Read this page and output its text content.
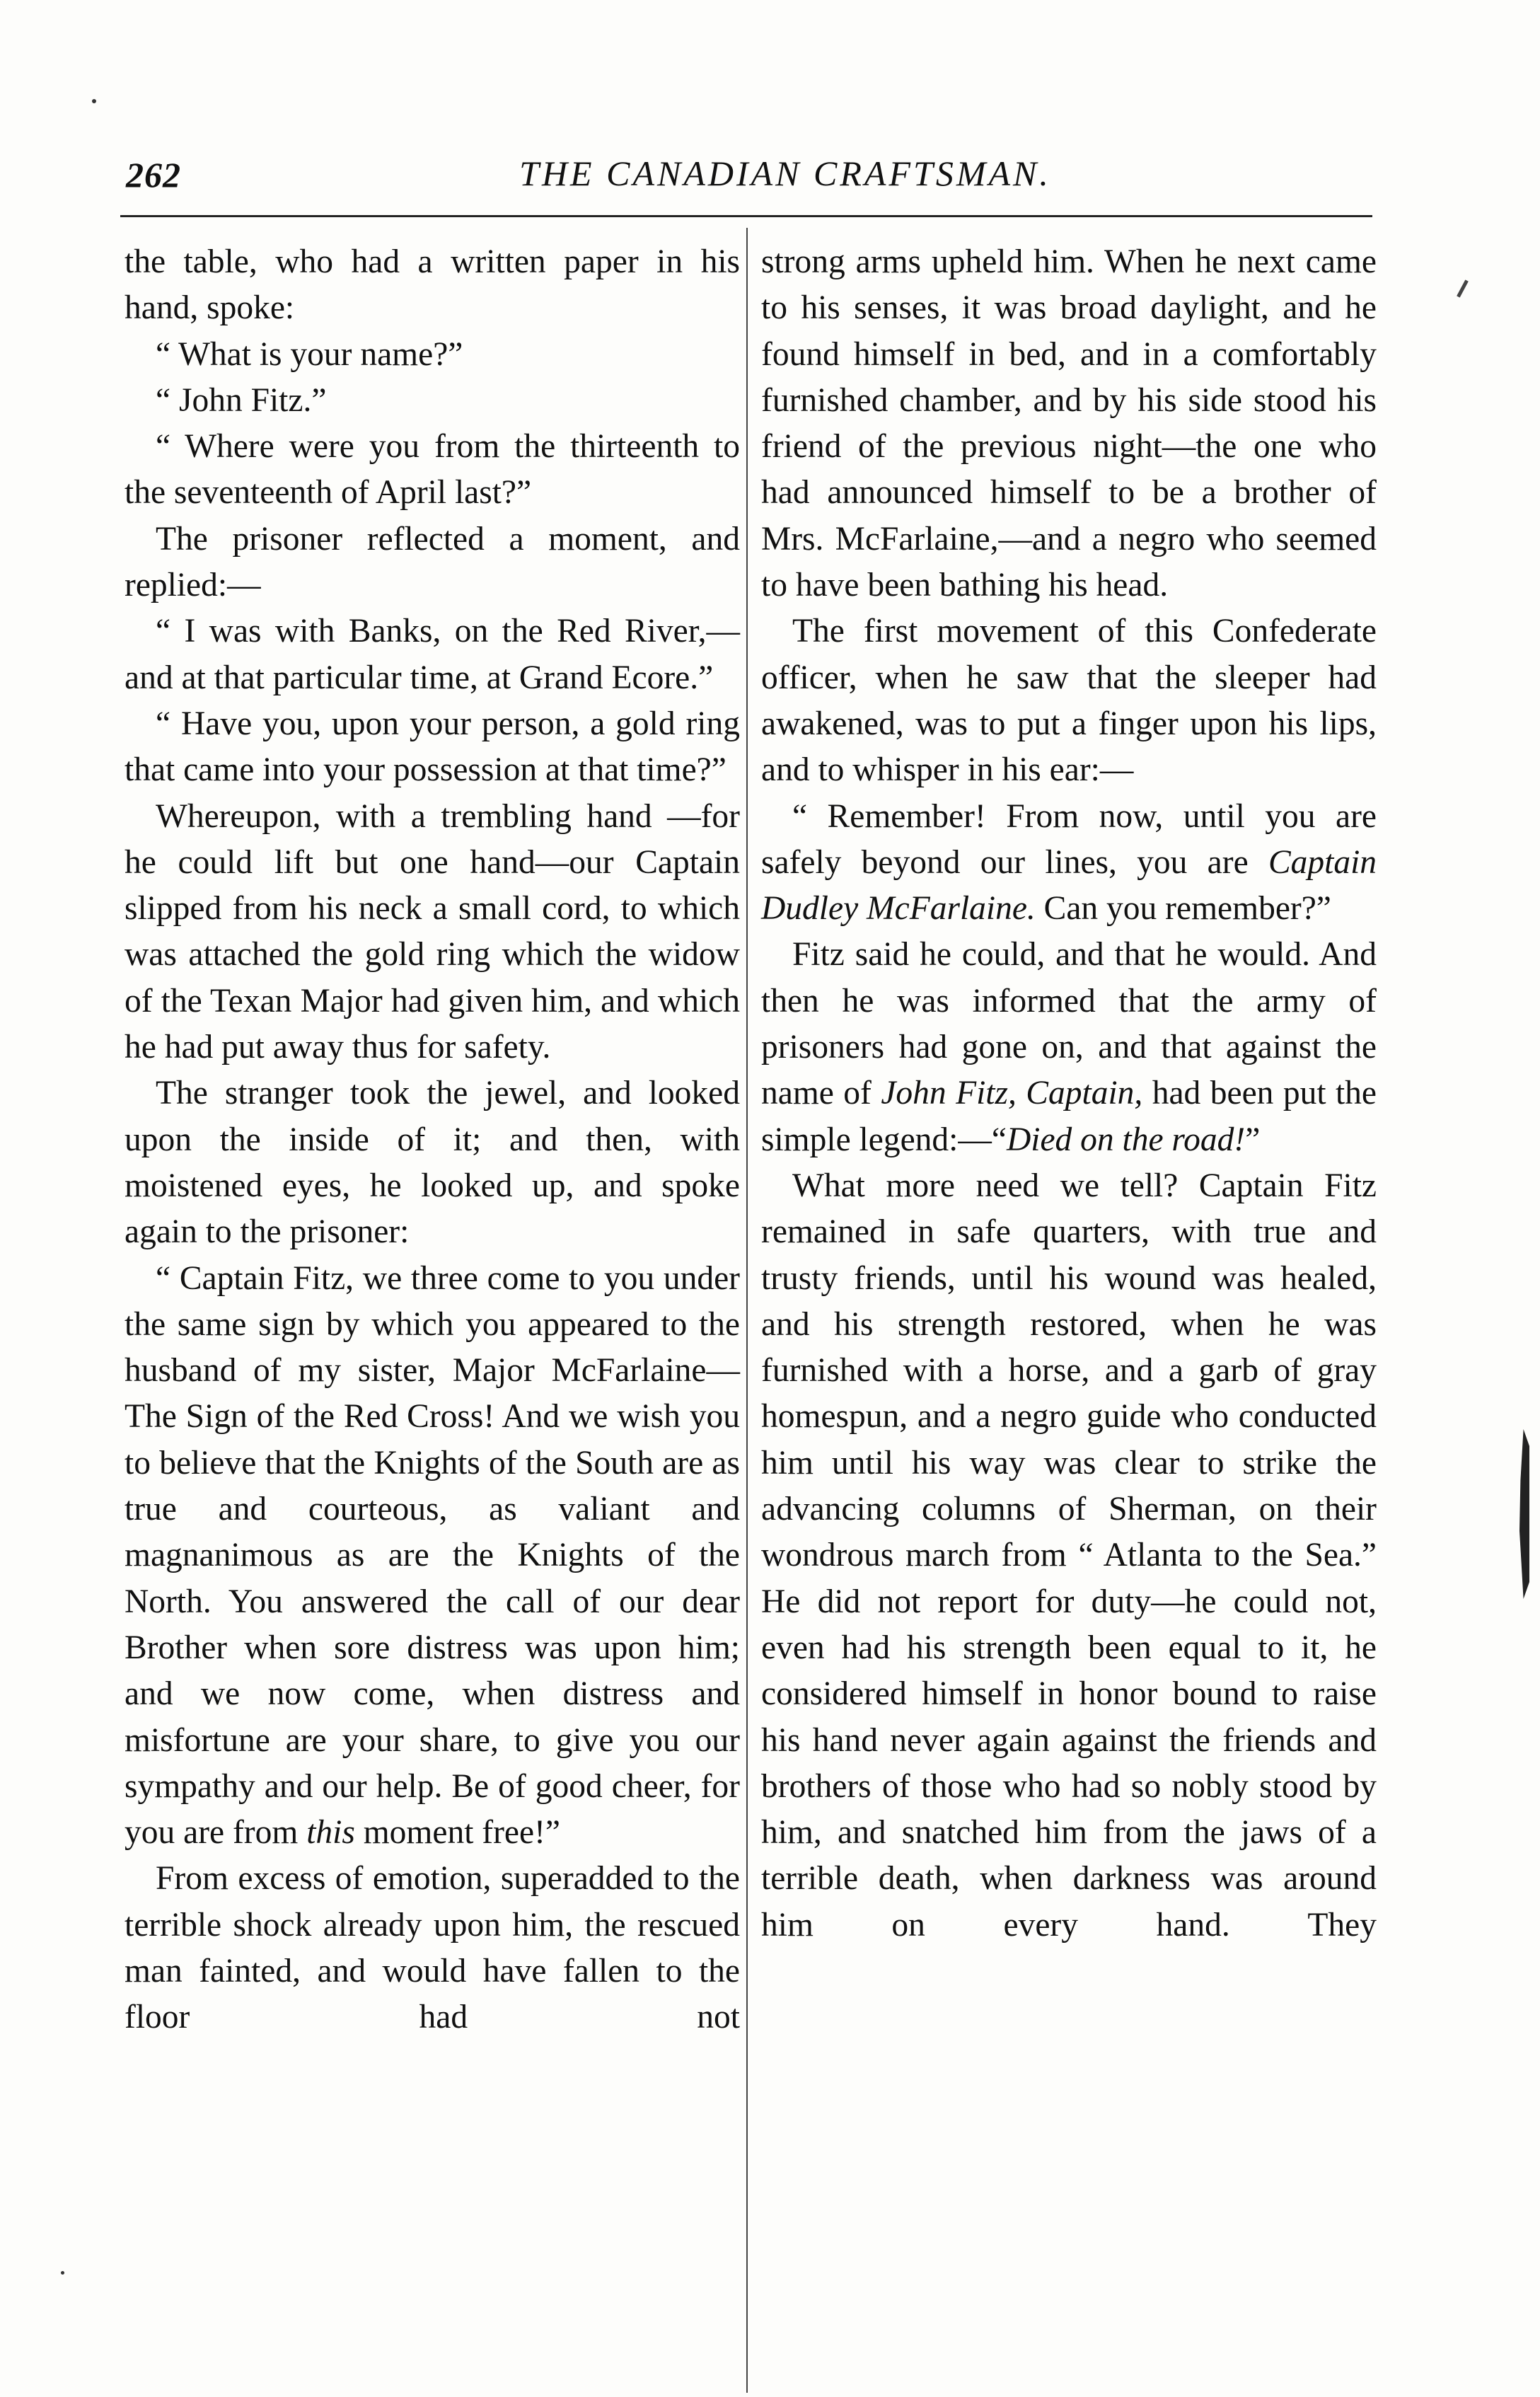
262	THE CANADIAN CRAFTSMAN.

the table, who had a written paper in his hand, spoke:

“ What is your name?”

“ John Fitz.”

“ Where were you from the thirteenth to the seventeenth of April last?”

The prisoner reflected a moment, and replied:—

“ I was with Banks, on the Red River,—and at that particular time, at Grand Ecore.”

“ Have you, upon your person, a gold ring that came into your possession at that time?”

Whereupon, with a trembling hand —for he could lift but one hand—our Captain slipped from his neck a small cord, to which was attached the gold ring which the widow of the Texan Major had given him, and which he had put away thus for safety.

The stranger took the jewel, and looked upon the inside of it; and then, with moistened eyes, he looked up, and spoke again to the prisoner:

“ Captain Fitz, we three come to you under the same sign by which you appeared to the husband of my sister, Major McFarlaine—The Sign of the Red Cross! And we wish you to believe that the Knights of the South are as true and courteous, as valiant and magnanimous as are the Knights of the North. You answered the call of our dear Brother when sore distress was upon him; and we now come, when distress and misfortune are your share, to give you our sympathy and our help. Be of good cheer, for you are from this moment free!”

From excess of emotion, superadded to the terrible shock already upon him, the rescued man fainted, and would have fallen to the floor had not

strong arms upheld him. When he next came to his senses, it was broad daylight, and he found himself in bed, and in a comfortably furnished chamber, and by his side stood his friend of the previous night—the one who had announced himself to be a brother of Mrs. McFarlaine,—and a negro who seemed to have been bathing his head.

The first movement of this Confederate officer, when he saw that the sleeper had awakened, was to put a finger upon his lips, and to whisper in his ear:—

“ Remember! From now, until you are safely beyond our lines, you are Captain Dudley McFarlaine. Can you remember?”

Fitz said he could, and that he would. And then he was informed that the army of prisoners had gone on, and that against the name of John Fitz, Captain, had been put the simple legend:—“Died on the road!”

What more need we tell? Captain Fitz remained in safe quarters, with true and trusty friends, until his wound was healed, and his strength restored, when he was furnished with a horse, and a garb of gray homespun, and a negro guide who conducted him until his way was clear to strike the advancing columns of Sherman, on their wondrous march from “ Atlanta to the Sea.” He did not report for duty—he could not, even had his strength been equal to it, he considered himself in honor bound to raise his hand never again against the friends and brothers of those who had so nobly stood by him, and snatched him from the jaws of a terrible death, when darkness was around him on every hand. They
